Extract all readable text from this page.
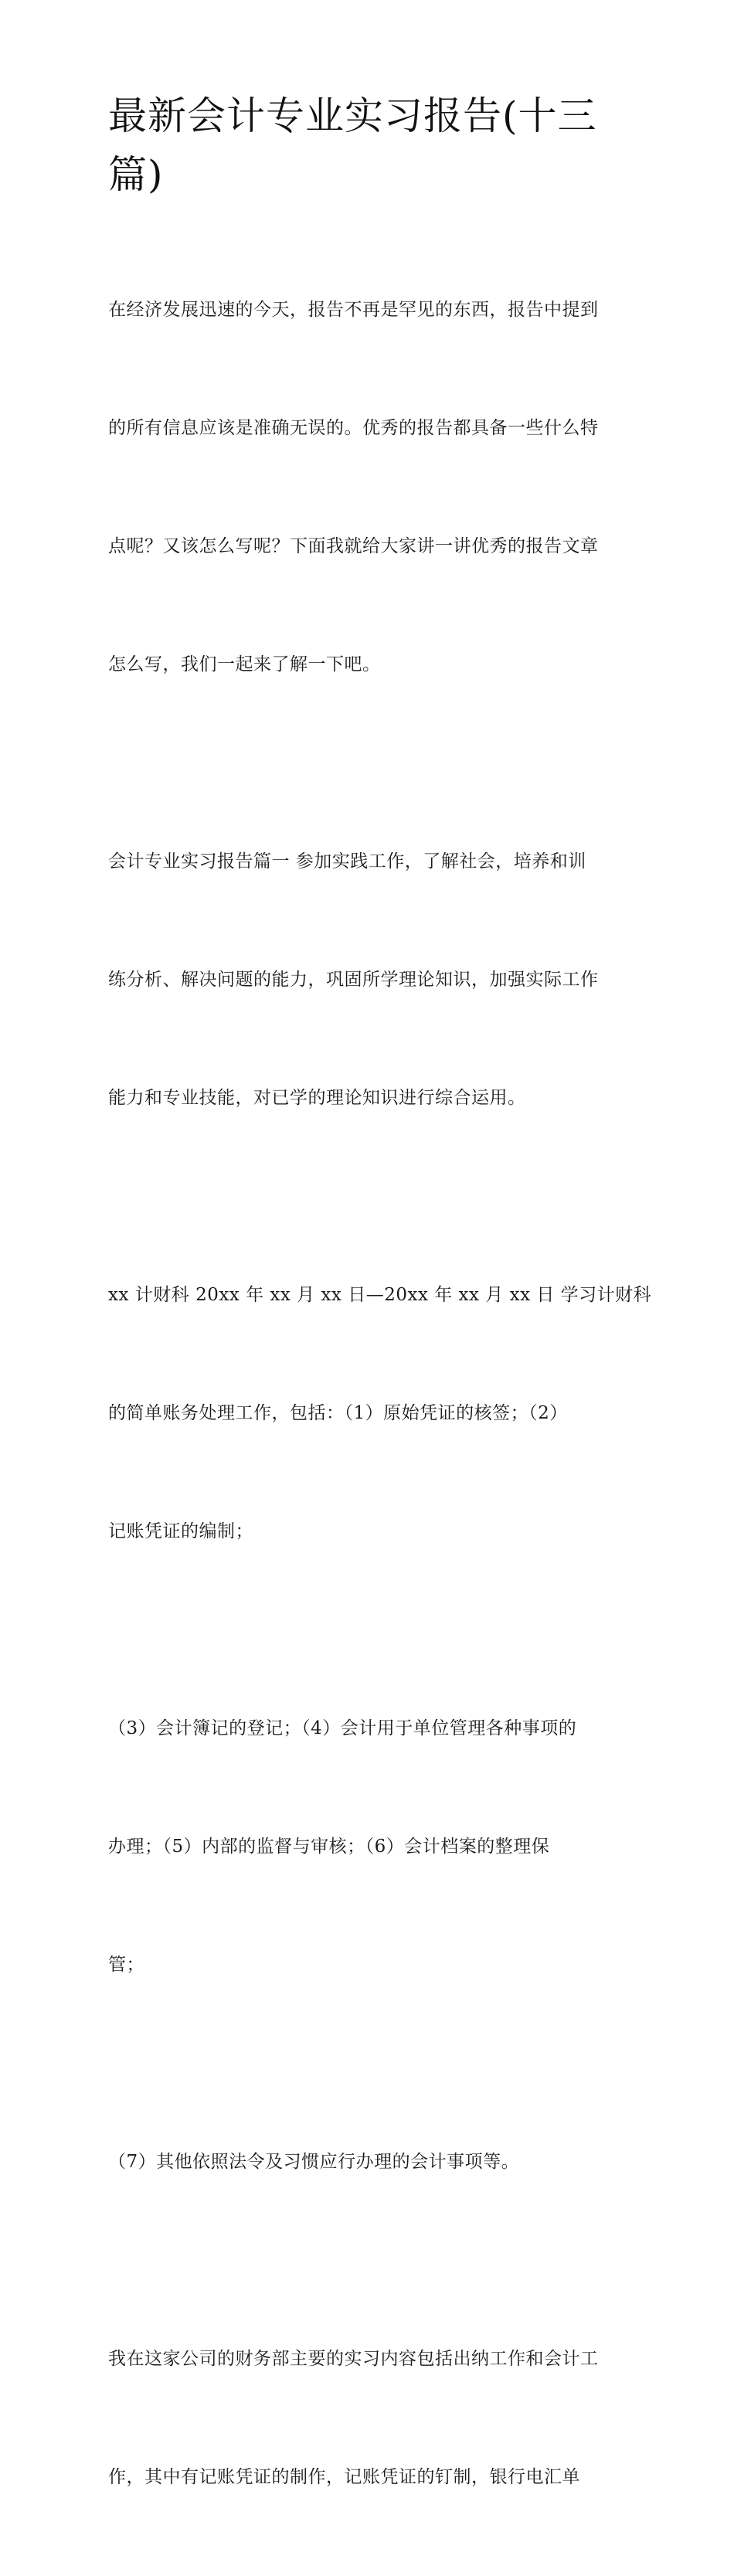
最新会计专业实习报告(十三
篇)

在经济发展迅速的今天，报告不再是罕见的东西，报告中提到

的所有信息应该是准确无误的。优秀的报告都具备一些什么特

点呢？又该怎么写呢？下面我就给大家讲一讲优秀的报告文章

怎么写，我们一起来了解一下吧。

会计专业实习报告篇一 参加实践工作，了解社会，培养和训

练分析、解决问题的能力，巩固所学理论知识，加强实际工作

能力和专业技能，对已学的理论知识进行综合运用。

xx 计财科 20xx 年 xx 月 xx 日—20xx 年 xx 月 xx 日 学习计财科

的简单账务处理工作，包括：（1）原始凭证的核签；（2）

记账凭证的编制；

（3）会计簿记的登记；（4）会计用于单位管理各种事项的

办理；（5）内部的监督与审核；（6）会计档案的整理保

管；

（7）其他依照法令及习惯应行办理的会计事项等。

我在这家公司的财务部主要的实习内容包括出纳工作和会计工

作，其中有记账凭证的制作，记账凭证的钉制，银行电汇单
